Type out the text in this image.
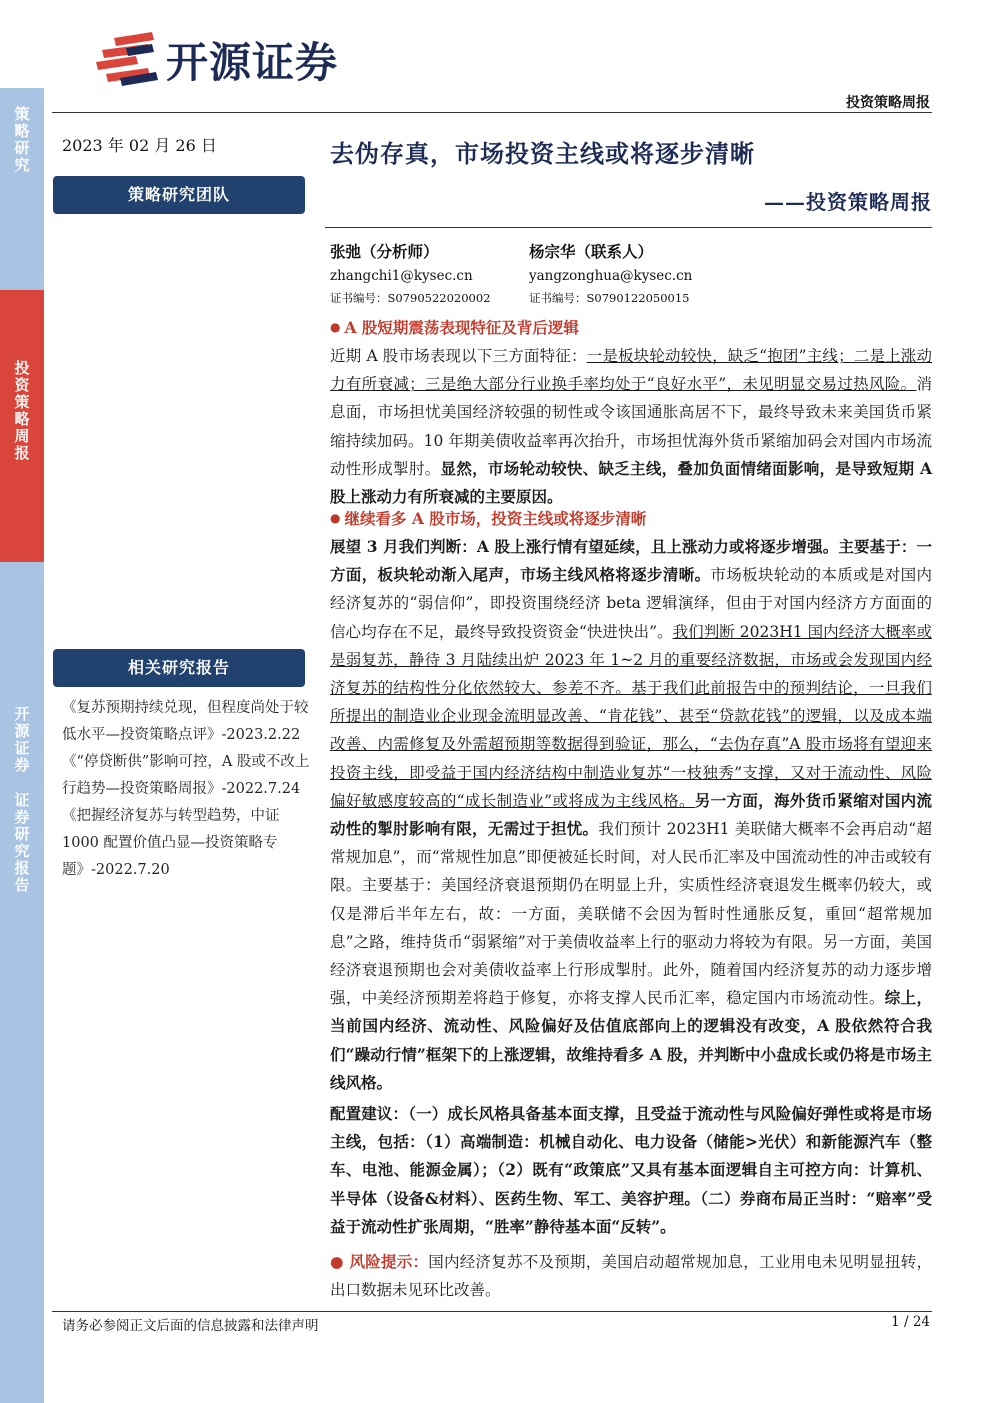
策
略
研
究
投
资
策
略
周
报
开
源
证
券
证
券
研
究
报
告
开源证券
投资策略周报
2023 年 02 月 26 日
策略研究团队
相关研究报告

《复苏预期持续兑现，但程度尚处于较低水平—投资策略点评》-2023.2.22

《“停贷断供”影响可控，A 股或不改上行趋势—投资策略周报》-2022.7.24

《把握经济复苏与转型趋势，中证 1000 配置价值凸显—投资策略专题》-2022.7.20

去伪存真，市场投资主线或将逐步清晰
——投资策略周报
张弛（分析师）
zhangchi1@kysec.cn
证书编号：S0790522020002
杨宗华（联系人）
yangzonghua@kysec.cn
证书编号：S0790122050015
● A 股短期震荡表现特征及背后逻辑

近期 A 股市场表现以下三方面特征：一是板块轮动较快，缺乏“抱团”主线；二是上涨动力有所衰减；三是绝大部分行业换手率均处于“良好水平”，未见明显交易过热风险。消息面，市场担忧美国经济较强的韧性或令该国通胀高居不下，最终导致未来美国货币紧缩持续加码。10 年期美债收益率再次抬升，市场担忧海外货币紧缩加码会对国内市场流动性形成掣肘。显然，市场轮动较快、缺乏主线，叠加负面情绪面影响，是导致短期 A 股上涨动力有所衰减的主要原因。

● 继续看多 A 股市场，投资主线或将逐步清晰

展望 3 月我们判断：A 股上涨行情有望延续，且上涨动力或将逐步增强。主要基于：一方面，板块轮动渐入尾声，市场主线风格将逐步清晰。市场板块轮动的本质或是对国内经济复苏的“弱信仰”，即投资围绕经济 beta 逻辑演绎，但由于对国内经济方方面面的信心均存在不足，最终导致投资资金“快进快出”。我们判断 2023H1 国内经济大概率或是弱复苏，静待 3 月陆续出炉 2023 年 1~2 月的重要经济数据，市场或会发现国内经济复苏的结构性分化依然较大、参差不齐。基于我们此前报告中的预判结论，一旦我们所提出的制造业企业现金流明显改善、“肯花钱”、甚至“贷款花钱”的逻辑，以及成本端改善、内需修复及外需超预期等数据得到验证，那么，“去伪存真”A 股市场将有望迎来投资主线，即受益于国内经济结构中制造业复苏“一枝独秀”支撑，又对于流动性、风险偏好敏感度较高的“成长制造业”或将成为主线风格。另一方面，海外货币紧缩对国内流动性的掣肘影响有限，无需过于担忧。我们预计 2023H1 美联储大概率不会再启动“超常规加息”，而“常规性加息”即便被延长时间，对人民币汇率及中国流动性的冲击或较有限。主要基于：美国经济衰退预期仍在明显上升，实质性经济衰退发生概率仍较大，或仅是滞后半年左右，故：一方面，美联储不会因为暂时性通胀反复，重回“超常规加息”之路，维持货币“弱紧缩”对于美债收益率上行的驱动力将较为有限。另一方面，美国经济衰退预期也会对美债收益率上行形成掣肘。此外，随着国内经济复苏的动力逐步增强，中美经济预期差将趋于修复，亦将支撑人民币汇率，稳定国内市场流动性。综上，当前国内经济、流动性、风险偏好及估值底部向上的逻辑没有改变，A 股依然符合我们“躁动行情”框架下的上涨逻辑，故维持看多 A 股，并判断中小盘成长或仍将是市场主线风格。

配置建议：（一）成长风格具备基本面支撑，且受益于流动性与风险偏好弹性或将是市场主线，包括：（1）高端制造：机械自动化、电力设备（储能>光伏）和新能源汽车（整车、电池、能源金属）；（2）既有“政策底”又具有基本面逻辑自主可控方向：计算机、半导体（设备&材料）、医药生物、军工、美容护理。（二）券商布局正当时：“赔率”受益于流动性扩张周期，“胜率”静待基本面“反转”。

● 风险提示：国内经济复苏不及预期，美国启动超常规加息，工业用电未见明显扭转，出口数据未见环比改善。

请务必参阅正文后面的信息披露和法律声明	1 / 24
